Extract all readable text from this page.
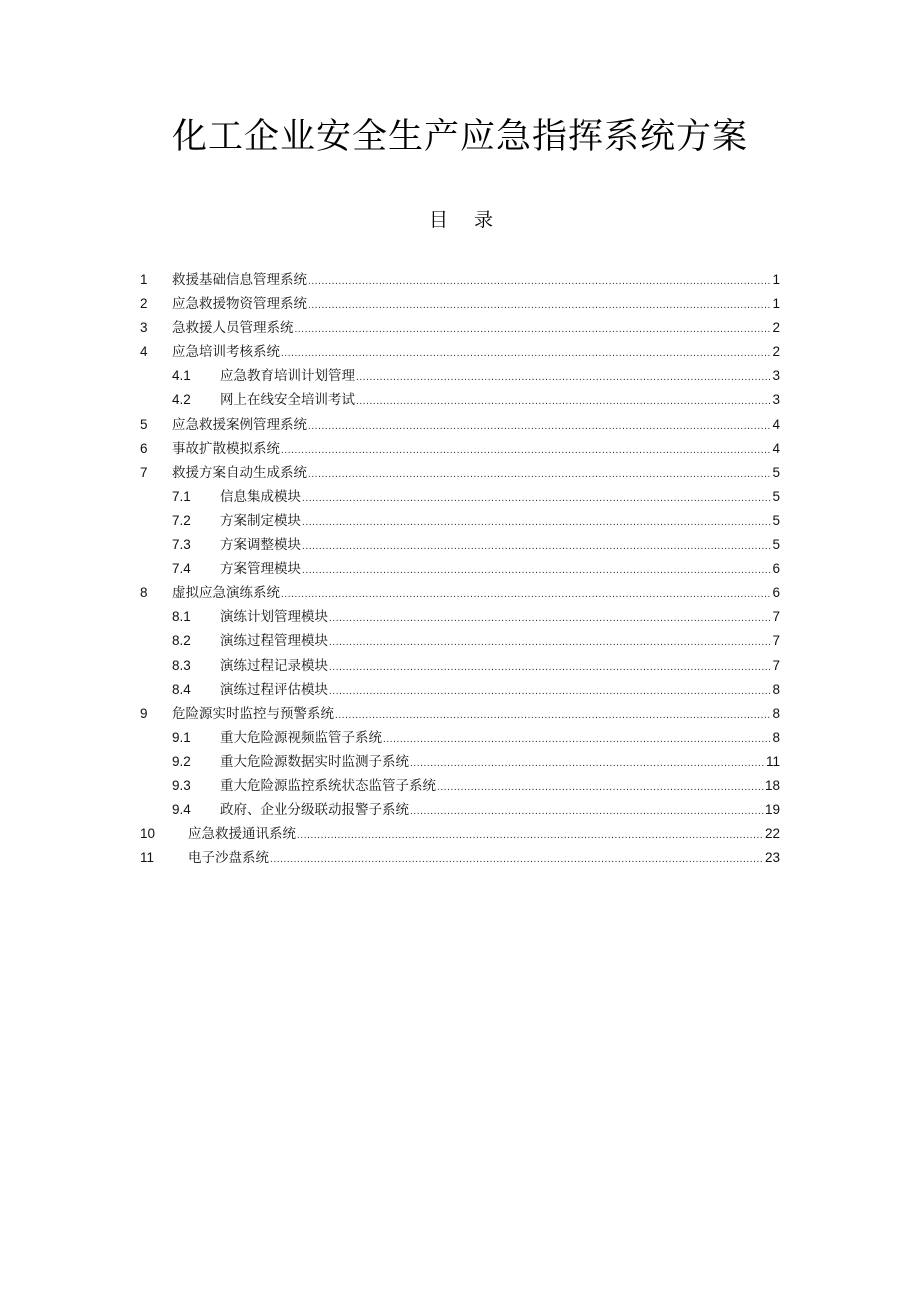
化工企业安全生产应急指挥系统方案
目 录
1	救援基础信息管理系统 .....	1
2	应急救援物资管理系统 .....	1
3	急救援人员管理系统 .....	2
4	应急培训考核系统 .....	2
4.1	应急教育培训计划管理 .....	3
4.2	网上在线安全培训考试 .....	3
5	应急救援案例管理系统 .....	4
6	事故扩散模拟系统 .....	4
7	救援方案自动生成系统 .....	5
7.1	信息集成模块 .....	5
7.2	方案制定模块 .....	5
7.3	方案调整模块 .....	5
7.4	方案管理模块 .....	6
8	虚拟应急演练系统 .....	6
8.1	演练计划管理模块 .....	7
8.2	演练过程管理模块 .....	7
8.3	演练过程记录模块 .....	7
8.4	演练过程评估模块 .....	8
9	危险源实时监控与预警系统 .....	8
9.1	重大危险源视频监管子系统 .....	8
9.2	重大危险源数据实时监测子系统 .....	11
9.3	重大危险源监控系统状态监管子系统 .....	18
9.4	政府、企业分级联动报警子系统 .....	19
10	应急救援通讯系统 .....	22
11	电子沙盘系统 .....	23
